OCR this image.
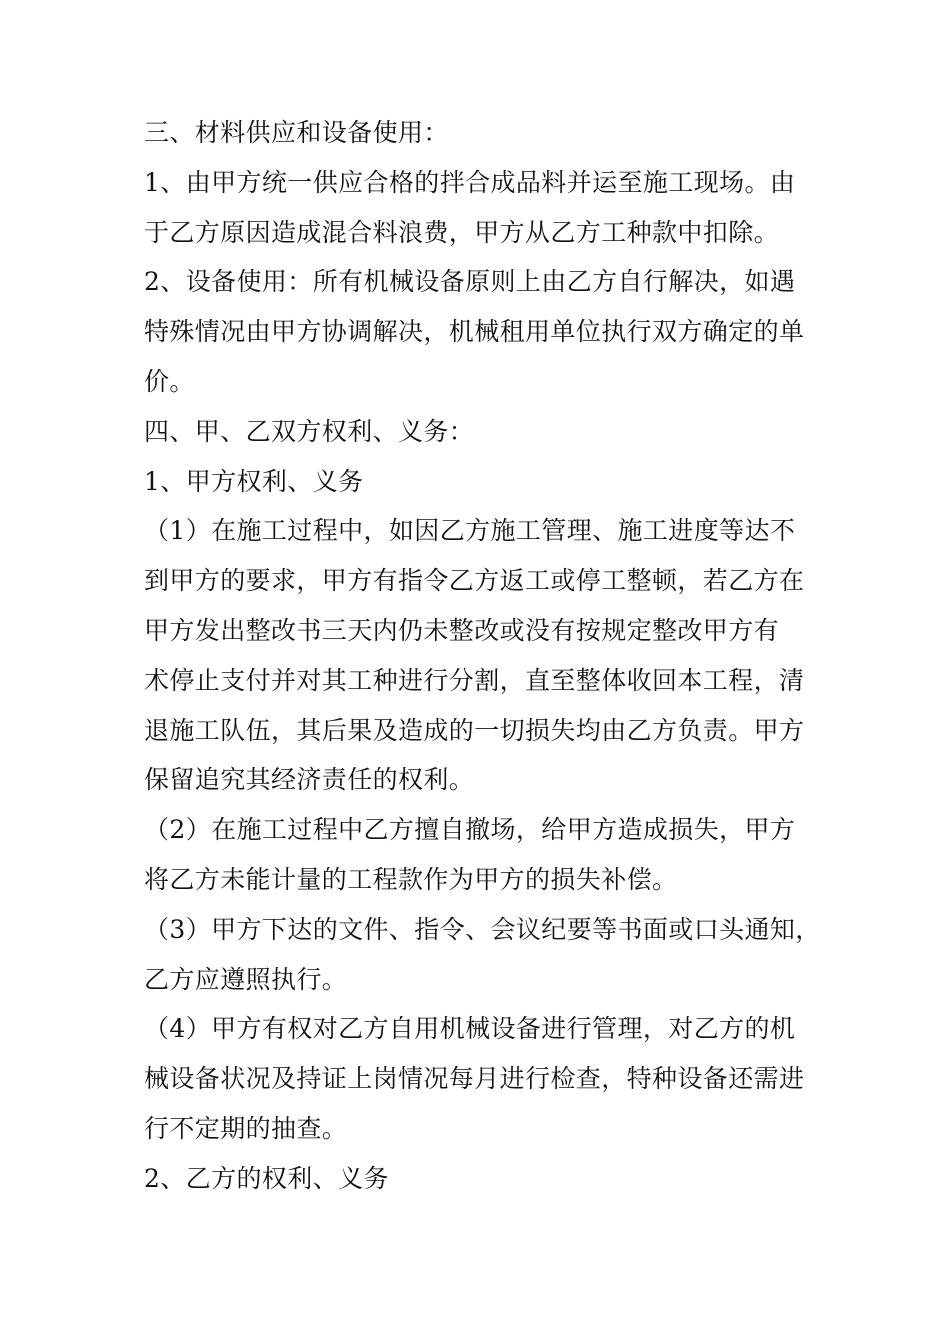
三、材料供应和设备使用：
1、由甲方统一供应合格的拌合成品料并运至施工现场。由
于乙方原因造成混合料浪费，甲方从乙方工种款中扣除。
2、设备使用：所有机械设备原则上由乙方自行解决，如遇
特殊情况由甲方协调解决，机械租用单位执行双方确定的单
价。
四、甲、乙双方权利、义务：
1、甲方权利、义务
（1）在施工过程中，如因乙方施工管理、施工进度等达不
到甲方的要求，甲方有指令乙方返工或停工整顿，若乙方在
甲方发出整改书三天内仍未整改或没有按规定整改甲方有
术停止支付并对其工种进行分割，直至整体收回本工程，清
退施工队伍，其后果及造成的一切损失均由乙方负责。甲方
保留追究其经济责任的权利。
（2）在施工过程中乙方擅自撤场，给甲方造成损失，甲方
将乙方未能计量的工程款作为甲方的损失补偿。
（3）甲方下达的文件、指令、会议纪要等书面或口头通知，
乙方应遵照执行。
（4）甲方有权对乙方自用机械设备进行管理，对乙方的机
械设备状况及持证上岗情况每月进行检查，特种设备还需进
行不定期的抽查。
2、乙方的权利、义务
